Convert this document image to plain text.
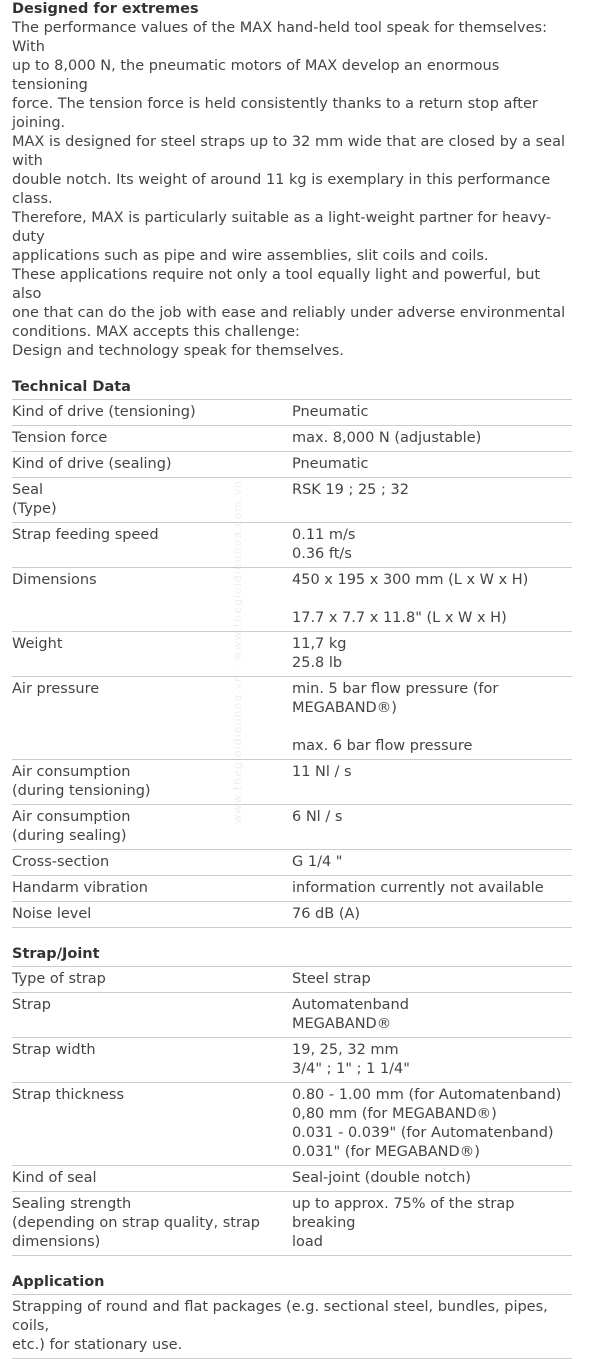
Designed for extremes
The performance values of the MAX hand-held tool speak for themselves: With
up to 8,000 N, the pneumatic motors of MAX develop an enormous tensioning
force. The tension force is held consistently thanks to a return stop after joining.
MAX is designed for steel straps up to 32 mm wide that are closed by a seal with
double notch. Its weight of around 11 kg is exemplary in this performance class.
Therefore, MAX is particularly suitable as a light-weight partner for heavy-duty
applications such as pipe and wire assemblies, slit coils and coils.
These applications require not only a tool equally light and powerful, but also
one that can do the job with ease and reliably under adverse environmental
conditions. MAX accepts this challenge:
Design and technology speak for themselves.
Technical Data
Kind of drive (tensioning)	Pneumatic

Tension force	max. 8,000 N (adjustable)

Kind of drive (sealing)	Pneumatic

Seal
(Type)	RSK 19 ; 25 ; 32

Strap feeding speed	0.11 m/s
0.36 ft/s

Dimensions	450 x 195 x 300 mm (L x W x H)
17.7 x 7.7 x 11.8" (L x W x H)

Weight	11,7 kg
25.8 lb

Air pressure	min. 5 bar flow pressure (for
MEGABAND®)
max. 6 bar flow pressure

Air consumption
(during tensioning)	11 Nl / s

Air consumption
(during sealing)	6 Nl / s

Cross-section	G 1/4 "

Handarm vibration	information currently not available

Noise level	76 dB (A)
Strap/Joint
Type of strap	Steel strap

Strap	Automatenband
MEGABAND®

Strap width	19, 25, 32 mm
3/4" ; 1" ; 1 1/4"

Strap thickness	0.80 - 1.00 mm (for Automatenband)
0,80 mm (for MEGABAND®)
0.031 - 0.039" (for Automatenband)
0.031" (for MEGABAND®)

Kind of seal	Seal-joint (double notch)

Sealing strength
(depending on strap quality, strap
dimensions)	up to approx. 75% of the strap breaking
load
Application
Strapping of round and flat packages (e.g. sectional steel, bundles, pipes, coils,
etc.) for stationary use.
www.thegioidieuhoa.vn · www.thegioidieuhoa.com.vn
